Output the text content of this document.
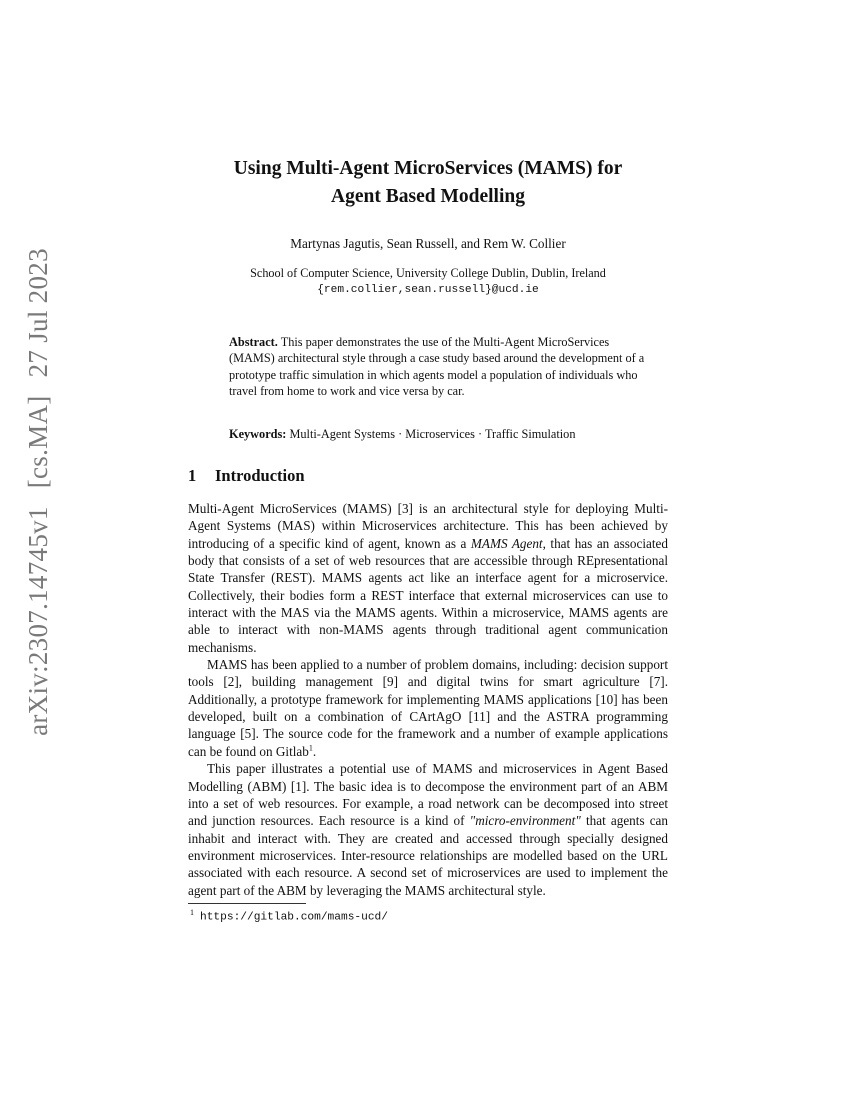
arXiv:2307.14745v1
[cs.MA]
27 Jul 2023
Using Multi-Agent MicroServices (MAMS) for
Agent Based Modelling
Martynas Jagutis, Sean Russell, and Rem W. Collier
School of Computer Science, University College Dublin, Dublin, Ireland
{rem.collier,sean.russell}@ucd.ie
Abstract. This paper demonstrates the use of the Multi-Agent MicroServices (MAMS) architectural style through a case study based around the development of a prototype traffic simulation in which agents model a population of individuals who travel from home to work and vice versa by car.
Keywords: Multi-Agent Systems · Microservices · Traffic Simulation
1 Introduction

Multi-Agent MicroServices (MAMS) [3] is an architectural style for deploying Multi-Agent Systems (MAS) within Microservices architecture. This has been achieved by introducing of a specific kind of agent, known as a MAMS Agent, that has an associated body that consists of a set of web resources that are accessible through REpresentational State Transfer (REST). MAMS agents act like an interface agent for a microservice. Collectively, their bodies form a REST interface that external microservices can use to interact with the MAS via the MAMS agents. Within a microservice, MAMS agents are able to interact with non-MAMS agents through traditional agent communication mechanisms.

MAMS has been applied to a number of problem domains, including: decision support tools [2], building management [9] and digital twins for smart agriculture [7]. Additionally, a prototype framework for implementing MAMS applications [10] has been developed, built on a combination of CArtAgO [11] and the ASTRA programming language [5]. The source code for the framework and a number of example applications can be found on Gitlab$^1$.

This paper illustrates a potential use of MAMS and microservices in Agent Based Modelling (ABM) [1]. The basic idea is to decompose the environment part of an ABM into a set of web resources. For example, a road network can be decomposed into street and junction resources. Each resource is a kind of "micro-environment" that agents can inhabit and interact with. They are created and accessed through specially designed environment microservices. Inter-resource relationships are modelled based on the URL associated with each resource. A second set of microservices are used to implement the agent part of the ABM by leveraging the MAMS architectural style.

$^1$ https://gitlab.com/mams-ucd/
